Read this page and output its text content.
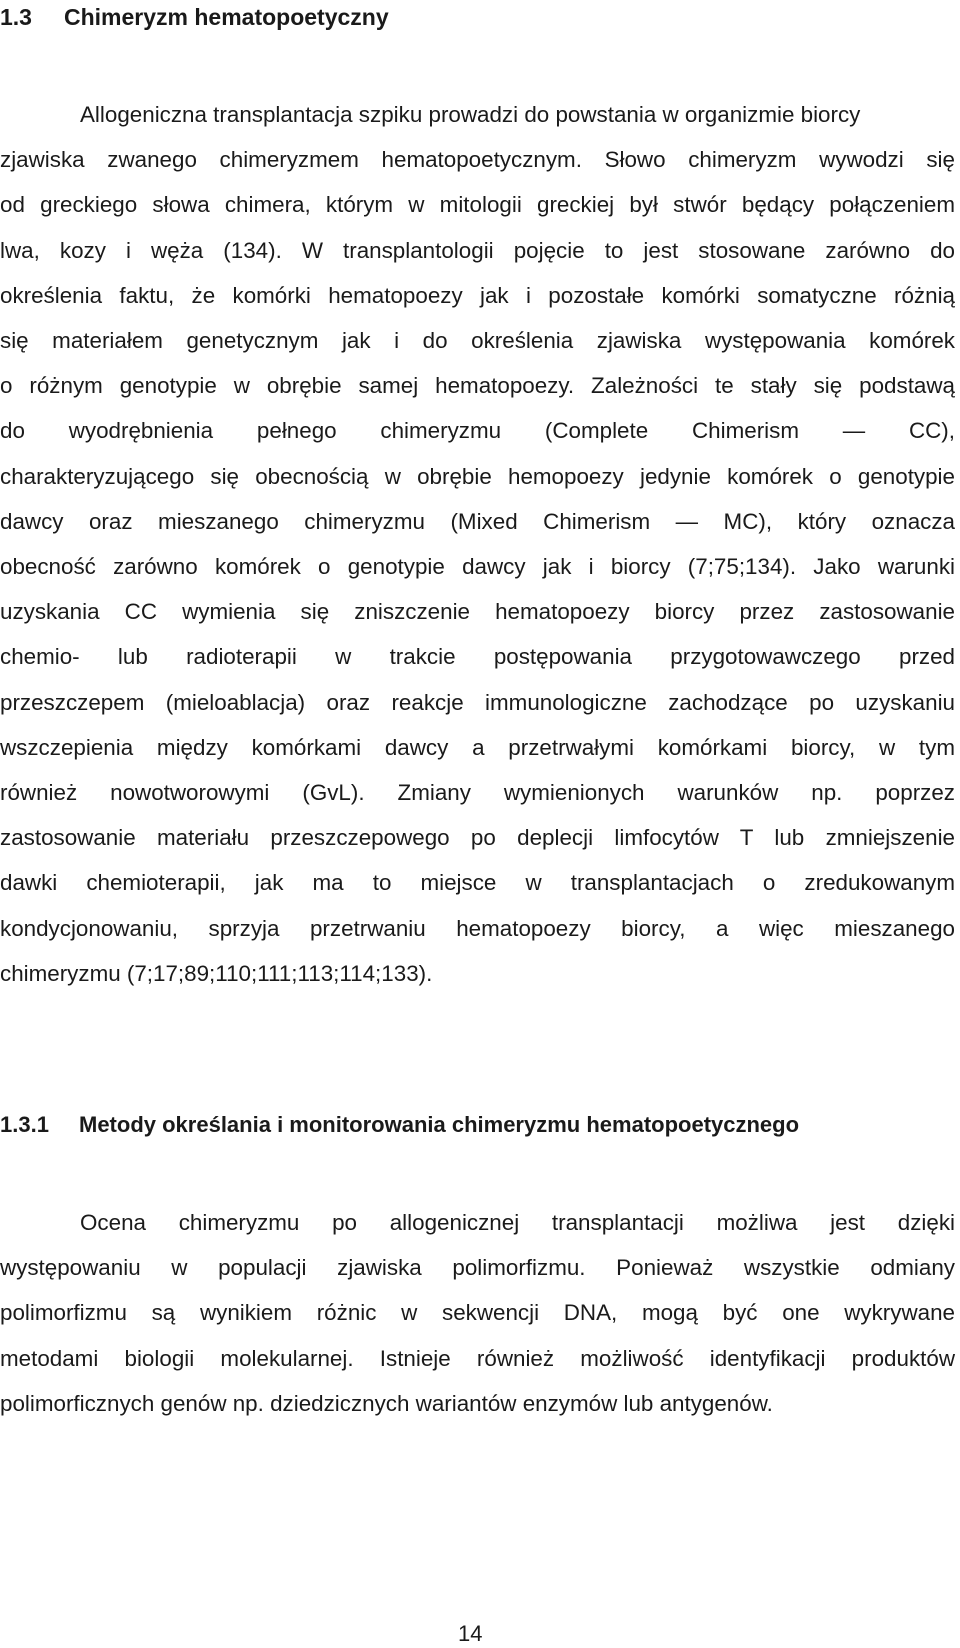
1.3 Chimeryzm hematopoetyczny
Allogeniczna transplantacja szpiku prowadzi do powstania w organizmie biorcy
zjawiska zwanego chimeryzmem hematopoetycznym. Słowo chimeryzm wywodzi się
od greckiego słowa chimera, którym w mitologii greckiej był stwór będący połączeniem
lwa, kozy i węża (134). W transplantologii pojęcie to jest stosowane zarówno do
określenia faktu, że komórki hematopoezy jak i pozostałe komórki somatyczne różnią
się materiałem genetycznym jak i do określenia zjawiska występowania komórek
o różnym genotypie w obrębie samej hematopoezy. Zależności te stały się podstawą
do wyodrębnienia pełnego chimeryzmu (Complete Chimerism — CC),
charakteryzującego się obecnością w obrębie hemopoezy jedynie komórek o genotypie
dawcy oraz mieszanego chimeryzmu (Mixed Chimerism — MC), który oznacza
obecność zarówno komórek o genotypie dawcy jak i biorcy (7;75;134). Jako warunki
uzyskania CC wymienia się zniszczenie hematopoezy biorcy przez zastosowanie
chemio- lub radioterapii w trakcie postępowania przygotowawczego przed
przeszczepem (mieloablacja) oraz reakcje immunologiczne zachodzące po uzyskaniu
wszczepienia między komórkami dawcy a przetrwałymi komórkami biorcy, w tym
również nowotworowymi (GvL). Zmiany wymienionych warunków np. poprzez
zastosowanie materiału przeszczepowego po deplecji limfocytów T lub zmniejszenie
dawki chemioterapii, jak ma to miejsce w transplantacjach o zredukowanym
kondycjonowaniu, sprzyja przetrwaniu hematopoezy biorcy, a więc mieszanego
chimeryzmu (7;17;89;110;111;113;114;133).
1.3.1 Metody określania i monitorowania chimeryzmu hematopoetycznego
Ocena chimeryzmu po allogenicznej transplantacji możliwa jest dzięki
występowaniu w populacji zjawiska polimorfizmu. Ponieważ wszystkie odmiany
polimorfizmu są wynikiem różnic w sekwencji DNA, mogą być one wykrywane
metodami biologii molekularnej. Istnieje również możliwość identyfikacji produktów
polimorficznych genów np. dziedzicznych wariantów enzymów lub antygenów.
14
